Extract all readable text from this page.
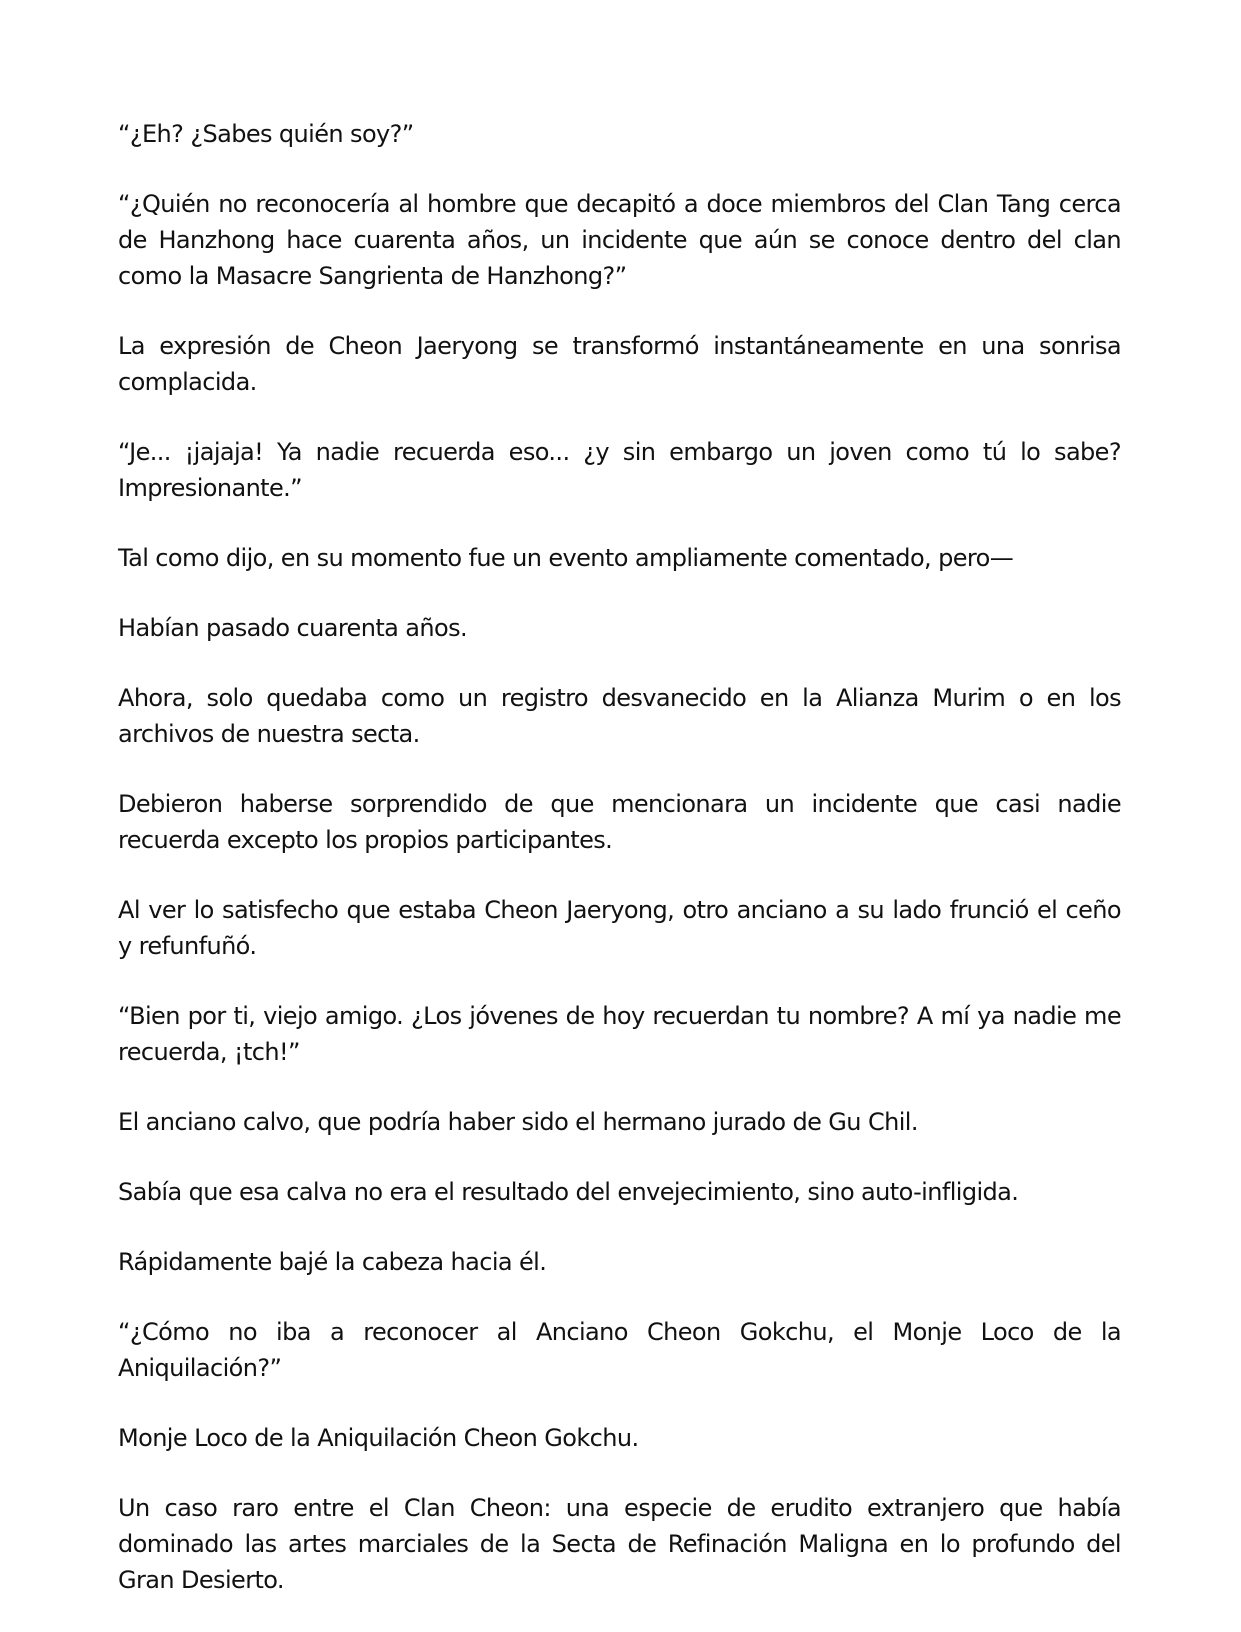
“¿Eh? ¿Sabes quién soy?”

“¿Quién no reconocería al hombre que decapitó a doce miembros del Clan Tang cerca de Hanzhong hace cuarenta años, un incidente que aún se conoce dentro del clan como la Masacre Sangrienta de Hanzhong?”

La expresión de Cheon Jaeryong se transformó instantáneamente en una sonrisa complacida.

“Je... ¡jajaja! Ya nadie recuerda eso... ¿y sin embargo un joven como tú lo sabe? Impresionante.”

Tal como dijo, en su momento fue un evento ampliamente comentado, pero—

Habían pasado cuarenta años.

Ahora, solo quedaba como un registro desvanecido en la Alianza Murim o en los archivos de nuestra secta.

Debieron haberse sorprendido de que mencionara un incidente que casi nadie recuerda excepto los propios participantes.

Al ver lo satisfecho que estaba Cheon Jaeryong, otro anciano a su lado frunció el ceño y refunfuñó.

“Bien por ti, viejo amigo. ¿Los jóvenes de hoy recuerdan tu nombre? A mí ya nadie me recuerda, ¡tch!”

El anciano calvo, que podría haber sido el hermano jurado de Gu Chil.

Sabía que esa calva no era el resultado del envejecimiento, sino auto-infligida.

Rápidamente bajé la cabeza hacia él.

“¿Cómo no iba a reconocer al Anciano Cheon Gokchu, el Monje Loco de la Aniquilación?”

Monje Loco de la Aniquilación Cheon Gokchu.

Un caso raro entre el Clan Cheon: una especie de erudito extranjero que había dominado las artes marciales de la Secta de Refinación Maligna en lo profundo del Gran Desierto.
